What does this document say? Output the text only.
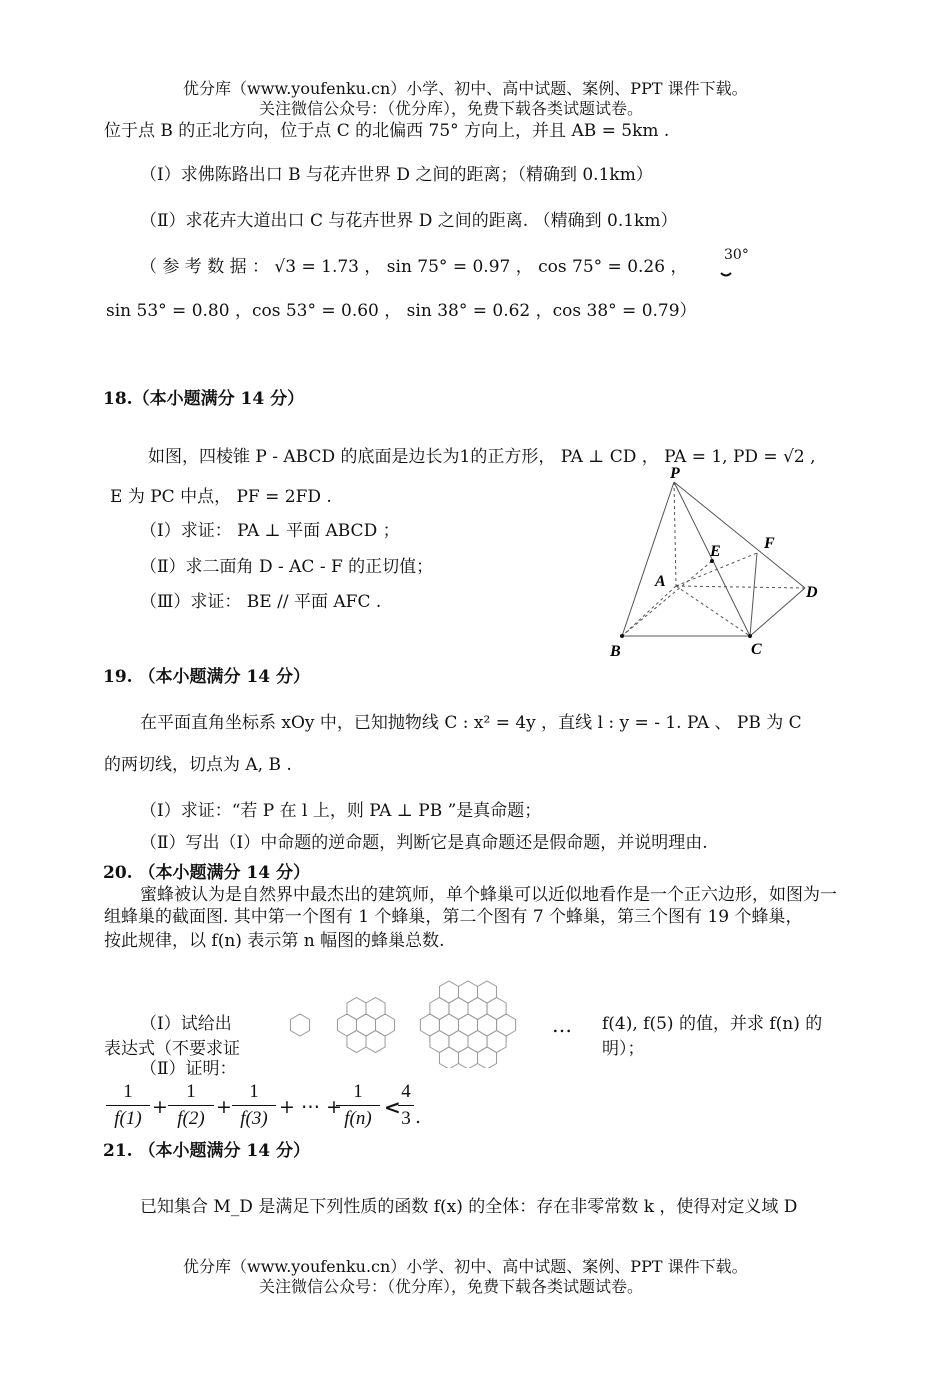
优分库（www.youfenku.cn）小学、初中、高中试题、案例、PPT 课件下载。
关注微信公众号：（优分库），免费下载各类试题试卷。
位于点 B 的正北方向，位于点 C 的北偏西 75° 方向上，并且 AB = 5km .
（Ⅰ）求佛陈路出口 B 与花卉世界 D 之间的距离；（精确到 0.1km）
（Ⅱ）求花卉大道出口 C 与花卉世界 D 之间的距离. （精确到 0.1km）
（ 参 考 数 据 ： √3 = 1.73 ， sin 75° = 0.97 ， cos 75° = 0.26 ，
sin 53° = 0.80 ，cos 53° = 0.60 ， sin 38° = 0.62 ，cos 38° = 0.79）
30°
18.（本小题满分 14 分）
如图，四棱锥 P - ABCD 的底面是边长为1的正方形， PA ⊥ CD ， PA = 1, PD = √2 ,
E 为 PC 中点， PF = 2FD .
（Ⅰ）求证： PA ⊥ 平面 ABCD ；
（Ⅱ）求二面角 D - AC - F 的正切值；
（Ⅲ）求证： BE // 平面 AFC .
P
E	F
A
D
B	C
19. （本小题满分 14 分）
在平面直角坐标系 xOy 中，已知抛物线 C : x² = 4y ，直线 l : y = - 1. PA 、 PB 为 C
的两切线，切点为 A, B .
（Ⅰ）求证：“若 P 在 l 上，则 PA ⊥ PB ”是真命题；
（Ⅱ）写出（Ⅰ）中命题的逆命题，判断它是真命题还是假命题，并说明理由.
20. （本小题满分 14 分）
蜜蜂被认为是自然界中最杰出的建筑师，单个蜂巢可以近似地看作是一个正六边形，如图为一
组蜂巢的截面图. 其中第一个图有 1 个蜂巢，第二个图有 7 个蜂巢，第三个图有 19 个蜂巢，
按此规律，以 f(n) 表示第 n 幅图的蜂巢总数.
（Ⅰ）试给出
表达式（不要求证
f(4), f(5) 的值，并求 f(n) 的
明）；
（Ⅱ）证明：
…
1
f(1)
+
1
f(2)
+
1
f(3)
+ ⋯ +
1
f(n) <
4
3 .
21. （本小题满分 14 分）
已知集合 M_D 是满足下列性质的函数 f(x) 的全体：存在非零常数 k ，使得对定义域 D
优分库（www.youfenku.cn）小学、初中、高中试题、案例、PPT 课件下载。
关注微信公众号：（优分库），免费下载各类试题试卷。
